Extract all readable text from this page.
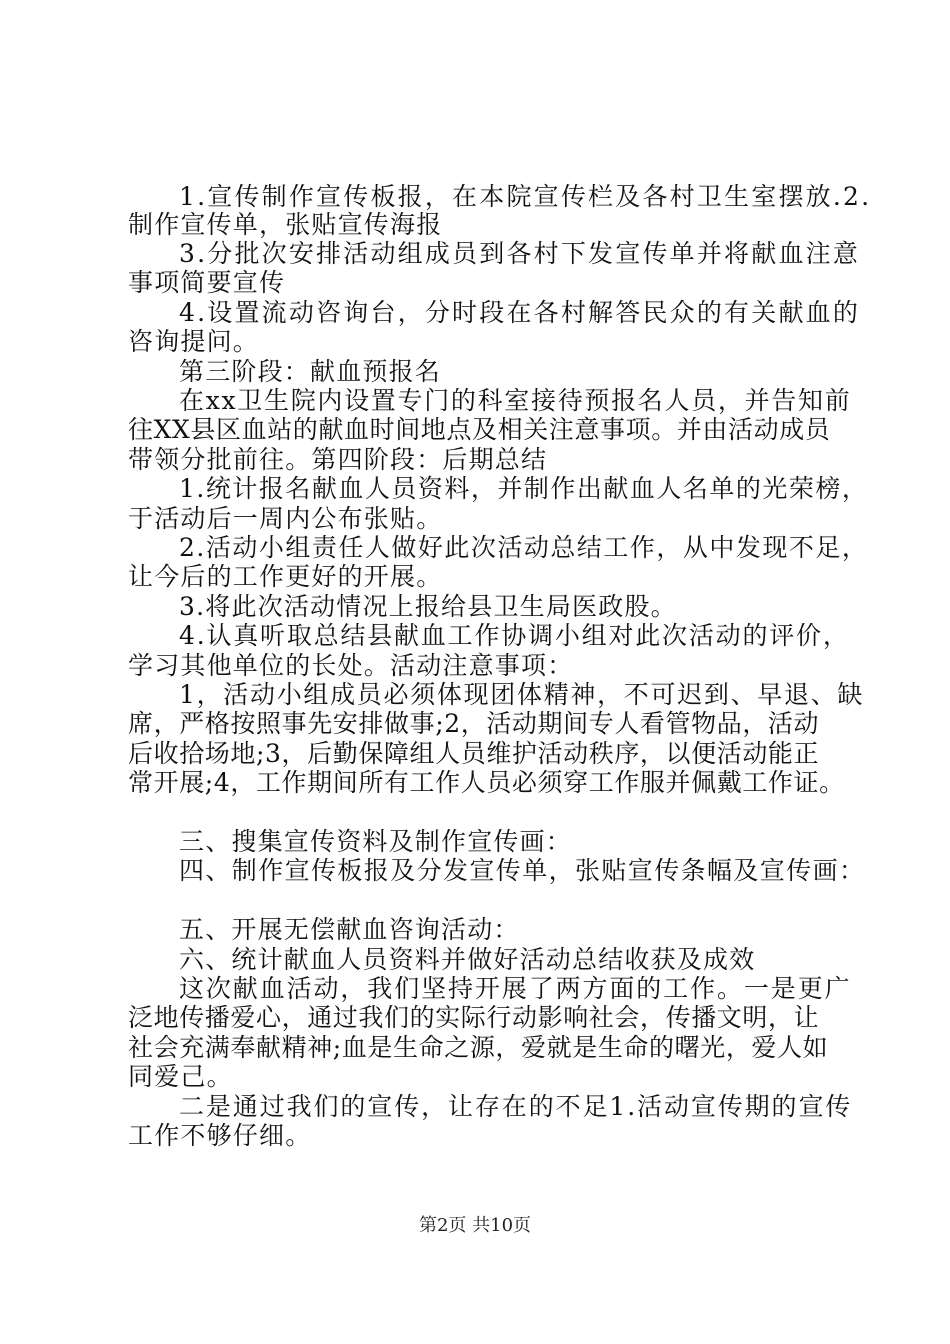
1.宣传制作宣传板报，在本院宣传栏及各村卫生室摆放.2.
制作宣传单，张贴宣传海报
3.分批次安排活动组成员到各村下发宣传单并将献血注意
事项简要宣传
4.设置流动咨询台，分时段在各村解答民众的有关献血的
咨询提问。
第三阶段：献血预报名
在xx卫生院内设置专门的科室接待预报名人员，并告知前
往XX县区血站的献血时间地点及相关注意事项。并由活动成员
带领分批前往。第四阶段：后期总结
1.统计报名献血人员资料，并制作出献血人名单的光荣榜，
于活动后一周内公布张贴。
2.活动小组责任人做好此次活动总结工作，从中发现不足，
让今后的工作更好的开展。
3.将此次活动情况上报给县卫生局医政股。
4.认真听取总结县献血工作协调小组对此次活动的评价，
学习其他单位的长处。活动注意事项：
1，活动小组成员必须体现团体精神，不可迟到、早退、缺
席，严格按照事先安排做事;2，活动期间专人看管物品，活动
后收拾场地;3，后勤保障组人员维护活动秩序，以便活动能正
常开展;4，工作期间所有工作人员必须穿工作服并佩戴工作证。
三、搜集宣传资料及制作宣传画：
四、制作宣传板报及分发宣传单，张贴宣传条幅及宣传画：
五、开展无偿献血咨询活动：
六、统计献血人员资料并做好活动总结收获及成效
这次献血活动，我们坚持开展了两方面的工作。一是更广
泛地传播爱心，通过我们的实际行动影响社会，传播文明，让
社会充满奉献精神;血是生命之源，爱就是生命的曙光，爱人如
同爱己。
二是通过我们的宣传，让存在的不足1.活动宣传期的宣传
工作不够仔细。
第2页 共10页
